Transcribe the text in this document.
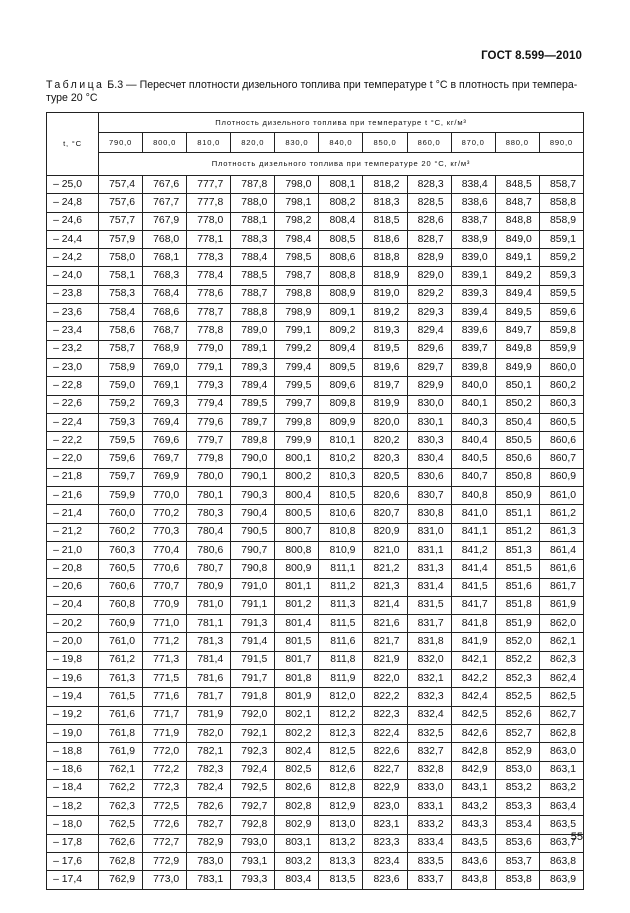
ГОСТ 8.599—2010
Таблица Б.3 — Пересчет плотности дизельного топлива при температуре t °С в плотность при темпера-
туре 20 °С
t, °С	Плотность дизельного топлива при температуре t °С, кг/м³										
	790,0	800,0	810,0	820,0	830,0	840,0	850,0	860,0	870,0	880,0	890,0
	Плотность дизельного топлива при температуре 20 °С, кг/м³										
– 25,0	757,4	767,6	777,7	787,8	798,0	808,1	818,2	828,3	838,4	848,5	858,7
– 24,8	757,6	767,7	777,8	788,0	798,1	808,2	818,3	828,5	838,6	848,7	858,8
– 24,6	757,7	767,9	778,0	788,1	798,2	808,4	818,5	828,6	838,7	848,8	858,9
– 24,4	757,9	768,0	778,1	788,3	798,4	808,5	818,6	828,7	838,9	849,0	859,1
– 24,2	758,0	768,1	778,3	788,4	798,5	808,6	818,8	828,9	839,0	849,1	859,2
– 24,0	758,1	768,3	778,4	788,5	798,7	808,8	818,9	829,0	839,1	849,2	859,3
– 23,8	758,3	768,4	778,6	788,7	798,8	808,9	819,0	829,2	839,3	849,4	859,5
– 23,6	758,4	768,6	778,7	788,8	798,9	809,1	819,2	829,3	839,4	849,5	859,6
– 23,4	758,6	768,7	778,8	789,0	799,1	809,2	819,3	829,4	839,6	849,7	859,8
– 23,2	758,7	768,9	779,0	789,1	799,2	809,4	819,5	829,6	839,7	849,8	859,9
– 23,0	758,9	769,0	779,1	789,3	799,4	809,5	819,6	829,7	839,8	849,9	860,0
– 22,8	759,0	769,1	779,3	789,4	799,5	809,6	819,7	829,9	840,0	850,1	860,2
– 22,6	759,2	769,3	779,4	789,5	799,7	809,8	819,9	830,0	840,1	850,2	860,3
– 22,4	759,3	769,4	779,6	789,7	799,8	809,9	820,0	830,1	840,3	850,4	860,5
– 22,2	759,5	769,6	779,7	789,8	799,9	810,1	820,2	830,3	840,4	850,5	860,6
– 22,0	759,6	769,7	779,8	790,0	800,1	810,2	820,3	830,4	840,5	850,6	860,7
– 21,8	759,7	769,9	780,0	790,1	800,2	810,3	820,5	830,6	840,7	850,8	860,9
– 21,6	759,9	770,0	780,1	790,3	800,4	810,5	820,6	830,7	840,8	850,9	861,0
– 21,4	760,0	770,2	780,3	790,4	800,5	810,6	820,7	830,8	841,0	851,1	861,2
– 21,2	760,2	770,3	780,4	790,5	800,7	810,8	820,9	831,0	841,1	851,2	861,3
– 21,0	760,3	770,4	780,6	790,7	800,8	810,9	821,0	831,1	841,2	851,3	861,4
– 20,8	760,5	770,6	780,7	790,8	800,9	811,1	821,2	831,3	841,4	851,5	861,6
– 20,6	760,6	770,7	780,9	791,0	801,1	811,2	821,3	831,4	841,5	851,6	861,7
– 20,4	760,8	770,9	781,0	791,1	801,2	811,3	821,4	831,5	841,7	851,8	861,9
– 20,2	760,9	771,0	781,1	791,3	801,4	811,5	821,6	831,7	841,8	851,9	862,0
– 20,0	761,0	771,2	781,3	791,4	801,5	811,6	821,7	831,8	841,9	852,0	862,1
– 19,8	761,2	771,3	781,4	791,5	801,7	811,8	821,9	832,0	842,1	852,2	862,3
– 19,6	761,3	771,5	781,6	791,7	801,8	811,9	822,0	832,1	842,2	852,3	862,4
– 19,4	761,5	771,6	781,7	791,8	801,9	812,0	822,2	832,3	842,4	852,5	862,5
– 19,2	761,6	771,7	781,9	792,0	802,1	812,2	822,3	832,4	842,5	852,6	862,7
– 19,0	761,8	771,9	782,0	792,1	802,2	812,3	822,4	832,5	842,6	852,7	862,8
– 18,8	761,9	772,0	782,1	792,3	802,4	812,5	822,6	832,7	842,8	852,9	863,0
– 18,6	762,1	772,2	782,3	792,4	802,5	812,6	822,7	832,8	842,9	853,0	863,1
– 18,4	762,2	772,3	782,4	792,5	802,6	812,8	822,9	833,0	843,1	853,2	863,2
– 18,2	762,3	772,5	782,6	792,7	802,8	812,9	823,0	833,1	843,2	853,3	863,4
– 18,0	762,5	772,6	782,7	792,8	802,9	813,0	823,1	833,2	843,3	853,4	863,5
– 17,8	762,6	772,7	782,9	793,0	803,1	813,2	823,3	833,4	843,5	853,6	863,7
– 17,6	762,8	772,9	783,0	793,1	803,2	813,3	823,4	833,5	843,6	853,7	863,8
– 17,4	762,9	773,0	783,1	793,3	803,4	813,5	823,6	833,7	843,8	853,8	863,9
55
